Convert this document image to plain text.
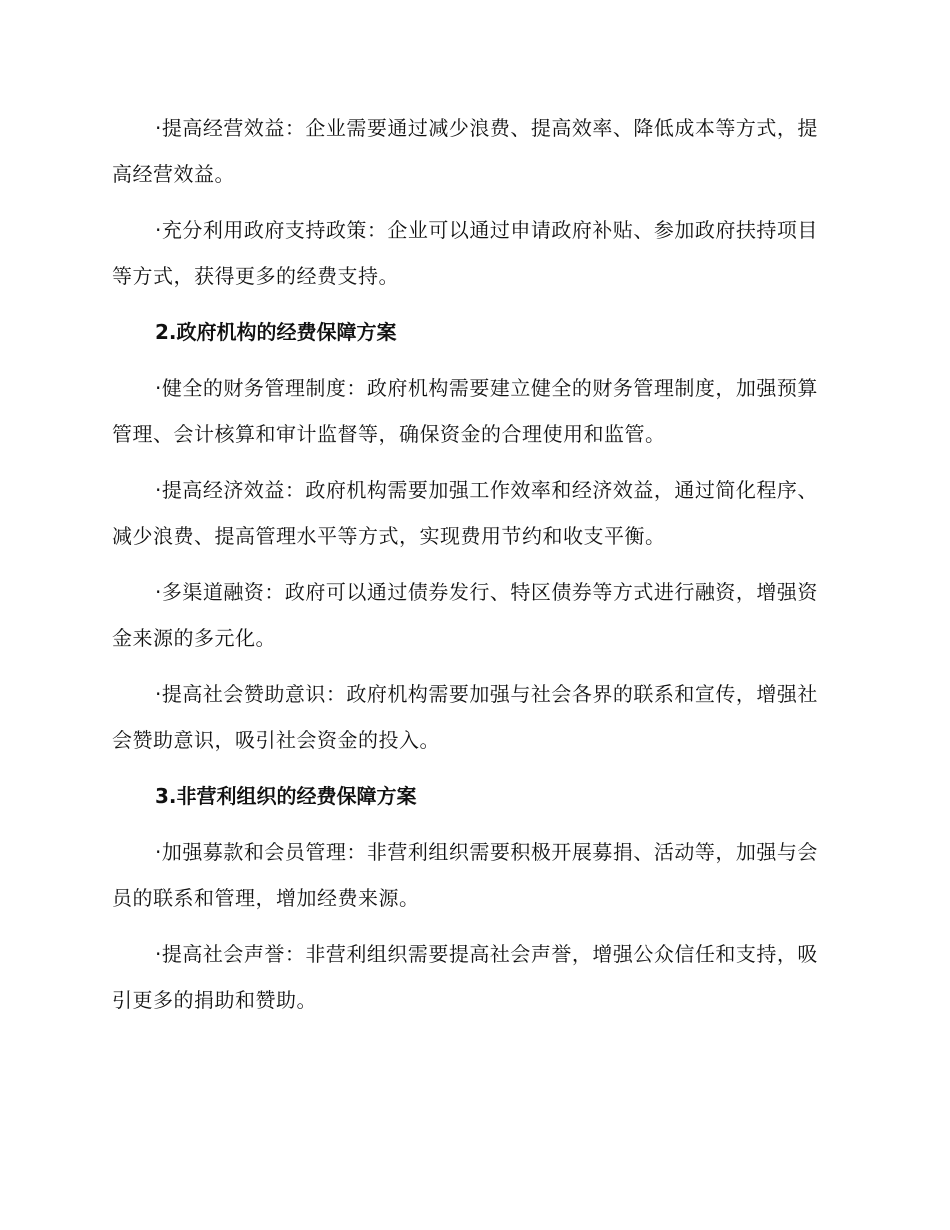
·提高经营效益：企业需要通过减少浪费、提高效率、降低成本等方式，提高经营效益。

·充分利用政府支持政策：企业可以通过申请政府补贴、参加政府扶持项目等方式，获得更多的经费支持。

2.政府机构的经费保障方案

·健全的财务管理制度：政府机构需要建立健全的财务管理制度，加强预算管理、会计核算和审计监督等，确保资金的合理使用和监管。

·提高经济效益：政府机构需要加强工作效率和经济效益，通过简化程序、减少浪费、提高管理水平等方式，实现费用节约和收支平衡。

·多渠道融资：政府可以通过债券发行、特区债券等方式进行融资，增强资金来源的多元化。

·提高社会赞助意识：政府机构需要加强与社会各界的联系和宣传，增强社会赞助意识，吸引社会资金的投入。

3.非营利组织的经费保障方案

·加强募款和会员管理：非营利组织需要积极开展募捐、活动等，加强与会员的联系和管理，增加经费来源。

·提高社会声誉：非营利组织需要提高社会声誉，增强公众信任和支持，吸引更多的捐助和赞助。
